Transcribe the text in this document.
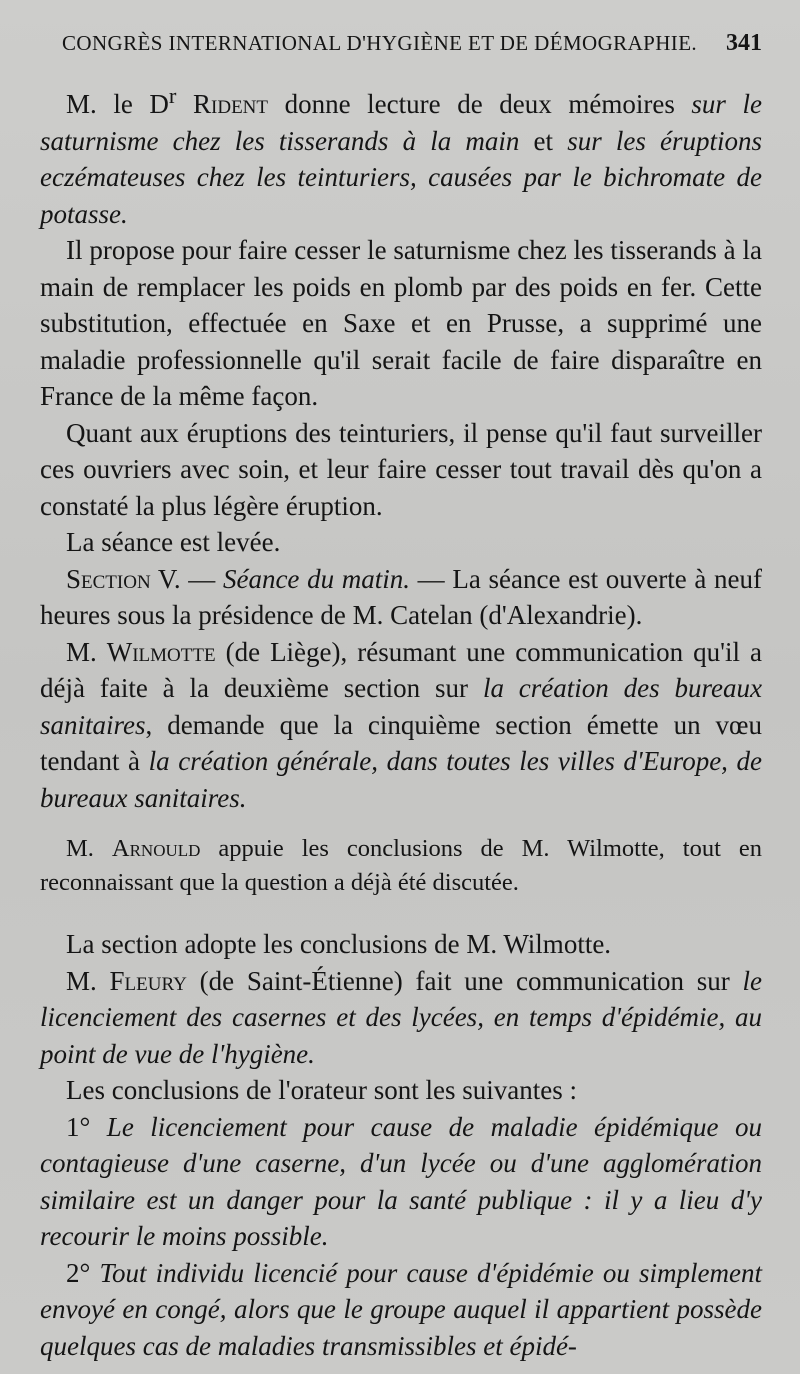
CONGRÈS INTERNATIONAL D'HYGIÈNE ET DE DÉMOGRAPHIE. 341

M. le $D^r$ Rident donne lecture de deux mémoires sur le saturnisme chez les tisserands à la main et sur les éruptions eczémateuses chez les teinturiers, causées par le bichromate de potasse.

Il propose pour faire cesser le saturnisme chez les tisserands à la main de remplacer les poids en plomb par des poids en fer. Cette substitution, effectuée en Saxe et en Prusse, a supprimé une maladie professionnelle qu'il serait facile de faire disparaître en France de la même façon.

Quant aux éruptions des teinturiers, il pense qu'il faut surveiller ces ouvriers avec soin, et leur faire cesser tout travail dès qu'on a constaté la plus légère éruption.

La séance est levée.

Section V. — Séance du matin. — La séance est ouverte à neuf heures sous la présidence de M. Catelan (d'Alexandrie).

M. Wilmotte (de Liège), résumant une communication qu'il a déjà faite à la deuxième section sur la création des bureaux sanitaires, demande que la cinquième section émette un vœu tendant à la création générale, dans toutes les villes d'Europe, de bureaux sanitaires.

M. Arnould appuie les conclusions de M. Wilmotte, tout en reconnaissant que la question a déjà été discutée.

La section adopte les conclusions de M. Wilmotte.

M. Fleury (de Saint-Étienne) fait une communication sur le licenciement des casernes et des lycées, en temps d'épidémie, au point de vue de l'hygiène.

Les conclusions de l'orateur sont les suivantes :

1° Le licenciement pour cause de maladie épidémique ou contagieuse d'une caserne, d'un lycée ou d'une agglomération similaire est un danger pour la santé publique : il y a lieu d'y recourir le moins possible.

2° Tout individu licencié pour cause d'épidémie ou simplement envoyé en congé, alors que le groupe auquel il appartient possède quelques cas de maladies transmissibles et épidé-
